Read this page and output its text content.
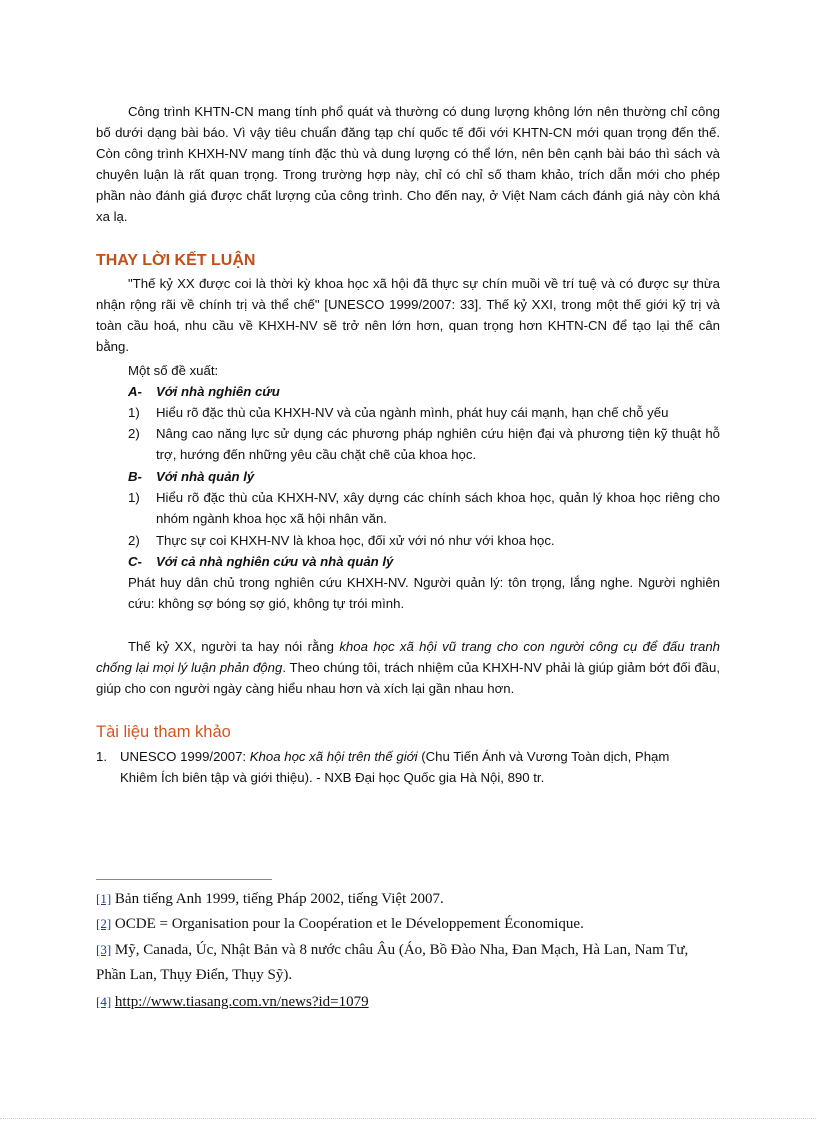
Công trình KHTN-CN mang tính phổ quát và thường có dung lượng không lớn nên thường chỉ công bố dưới dạng bài báo. Vì vậy tiêu chuẩn đăng tạp chí quốc tế đối với KHTN-CN mới quan trọng đến thế. Còn công trình KHXH-NV mang tính đặc thù và dung lượng có thể lớn, nên bên cạnh bài báo thì sách và chuyên luận là rất quan trọng. Trong trường hợp này, chỉ có chỉ số tham khảo, trích dẫn mới cho phép phần nào đánh giá được chất lượng của công trình. Cho đến nay, ở Việt Nam cách đánh giá này còn khá xa lạ.

THAY LỜI KẾT LUẬN

"Thế kỷ XX được coi là thời kỳ khoa học xã hội đã thực sự chín muồi về trí tuệ và có được sự thừa nhận rộng rãi về chính trị và thể chế" [UNESCO 1999/2007: 33]. Thế kỷ XXI, trong một thế giới kỹ trị và toàn cầu hoá, nhu cầu về KHXH-NV sẽ trở nên lớn hơn, quan trọng hơn KHTN-CN để tạo lại thế cân bằng.

Một số đề xuất:

A- Với nhà nghiên cứu

1) Hiểu rõ đặc thù của KHXH-NV và của ngành mình, phát huy cái mạnh, hạn chế chỗ yếu

2) Nâng cao năng lực sử dụng các phương pháp nghiên cứu hiện đại và phương tiện kỹ thuật hỗ trợ, hướng đến những yêu cầu chặt chẽ của khoa học.

B- Với nhà quản lý

1) Hiểu rõ đặc thù của KHXH-NV, xây dựng các chính sách khoa học, quản lý khoa học riêng cho nhóm ngành khoa học xã hội nhân văn.

2) Thực sự coi KHXH-NV là khoa học, đối xử với nó như với khoa học.

C- Với cả nhà nghiên cứu và nhà quản lý

Phát huy dân chủ trong nghiên cứu KHXH-NV. Người quản lý: tôn trọng, lắng nghe. Người nghiên cứu: không sợ bóng sợ gió, không tự trói mình.

Thế kỷ XX, người ta hay nói rằng khoa học xã hội vũ trang cho con người công cụ để đấu tranh chống lại mọi lý luận phản động. Theo chúng tôi, trách nhiệm của KHXH-NV phải là giúp giảm bớt đối đầu, giúp cho con người ngày càng hiểu nhau hơn và xích lại gần nhau hơn.

Tài liệu tham khảo

1. UNESCO 1999/2007: Khoa học xã hội trên thế giới (Chu Tiến Ánh và Vương Toàn dịch, Phạm Khiêm Ích biên tập và giới thiệu). - NXB Đại học Quốc gia Hà Nội, 890 tr.

[1] Bản tiếng Anh 1999, tiếng Pháp 2002, tiếng Việt 2007.

[2] OCDE = Organisation pour la Coopération et le Développement Économique.

[3] Mỹ, Canada, Úc, Nhật Bản và 8 nước châu Âu (Áo, Bồ Đào Nha, Đan Mạch, Hà Lan, Nam Tư, Phần Lan, Thụy Điển, Thụy Sỹ).

[4] http://www.tiasang.com.vn/news?id=1079
